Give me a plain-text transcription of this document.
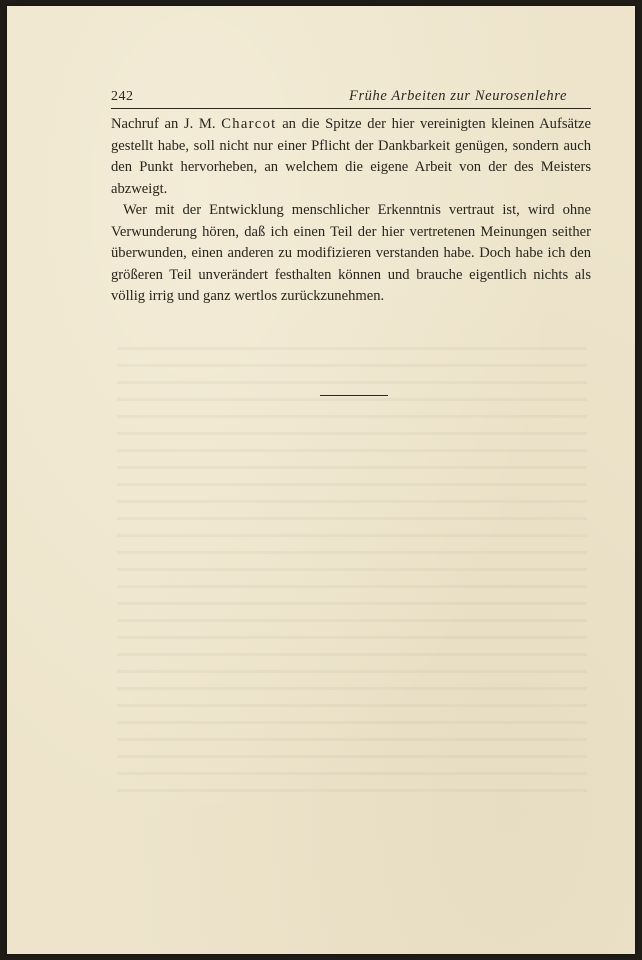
242	Frühe Arbeiten zur Neurosenlehre

Nachruf an J. M. Charcot an die Spitze der hier vereinigten kleinen Aufsätze gestellt habe, soll nicht nur einer Pflicht der Dankbarkeit genügen, sondern auch den Punkt hervorheben, an welchem die eigene Arbeit von der des Meisters abzweigt.

Wer mit der Entwicklung menschlicher Erkenntnis vertraut ist, wird ohne Verwunderung hören, daß ich einen Teil der hier vertretenen Meinungen seither überwunden, einen anderen zu modifizieren verstanden habe. Doch habe ich den größeren Teil unverändert festhalten können und brauche eigentlich nichts als völlig irrig und ganz wertlos zurückzunehmen.
